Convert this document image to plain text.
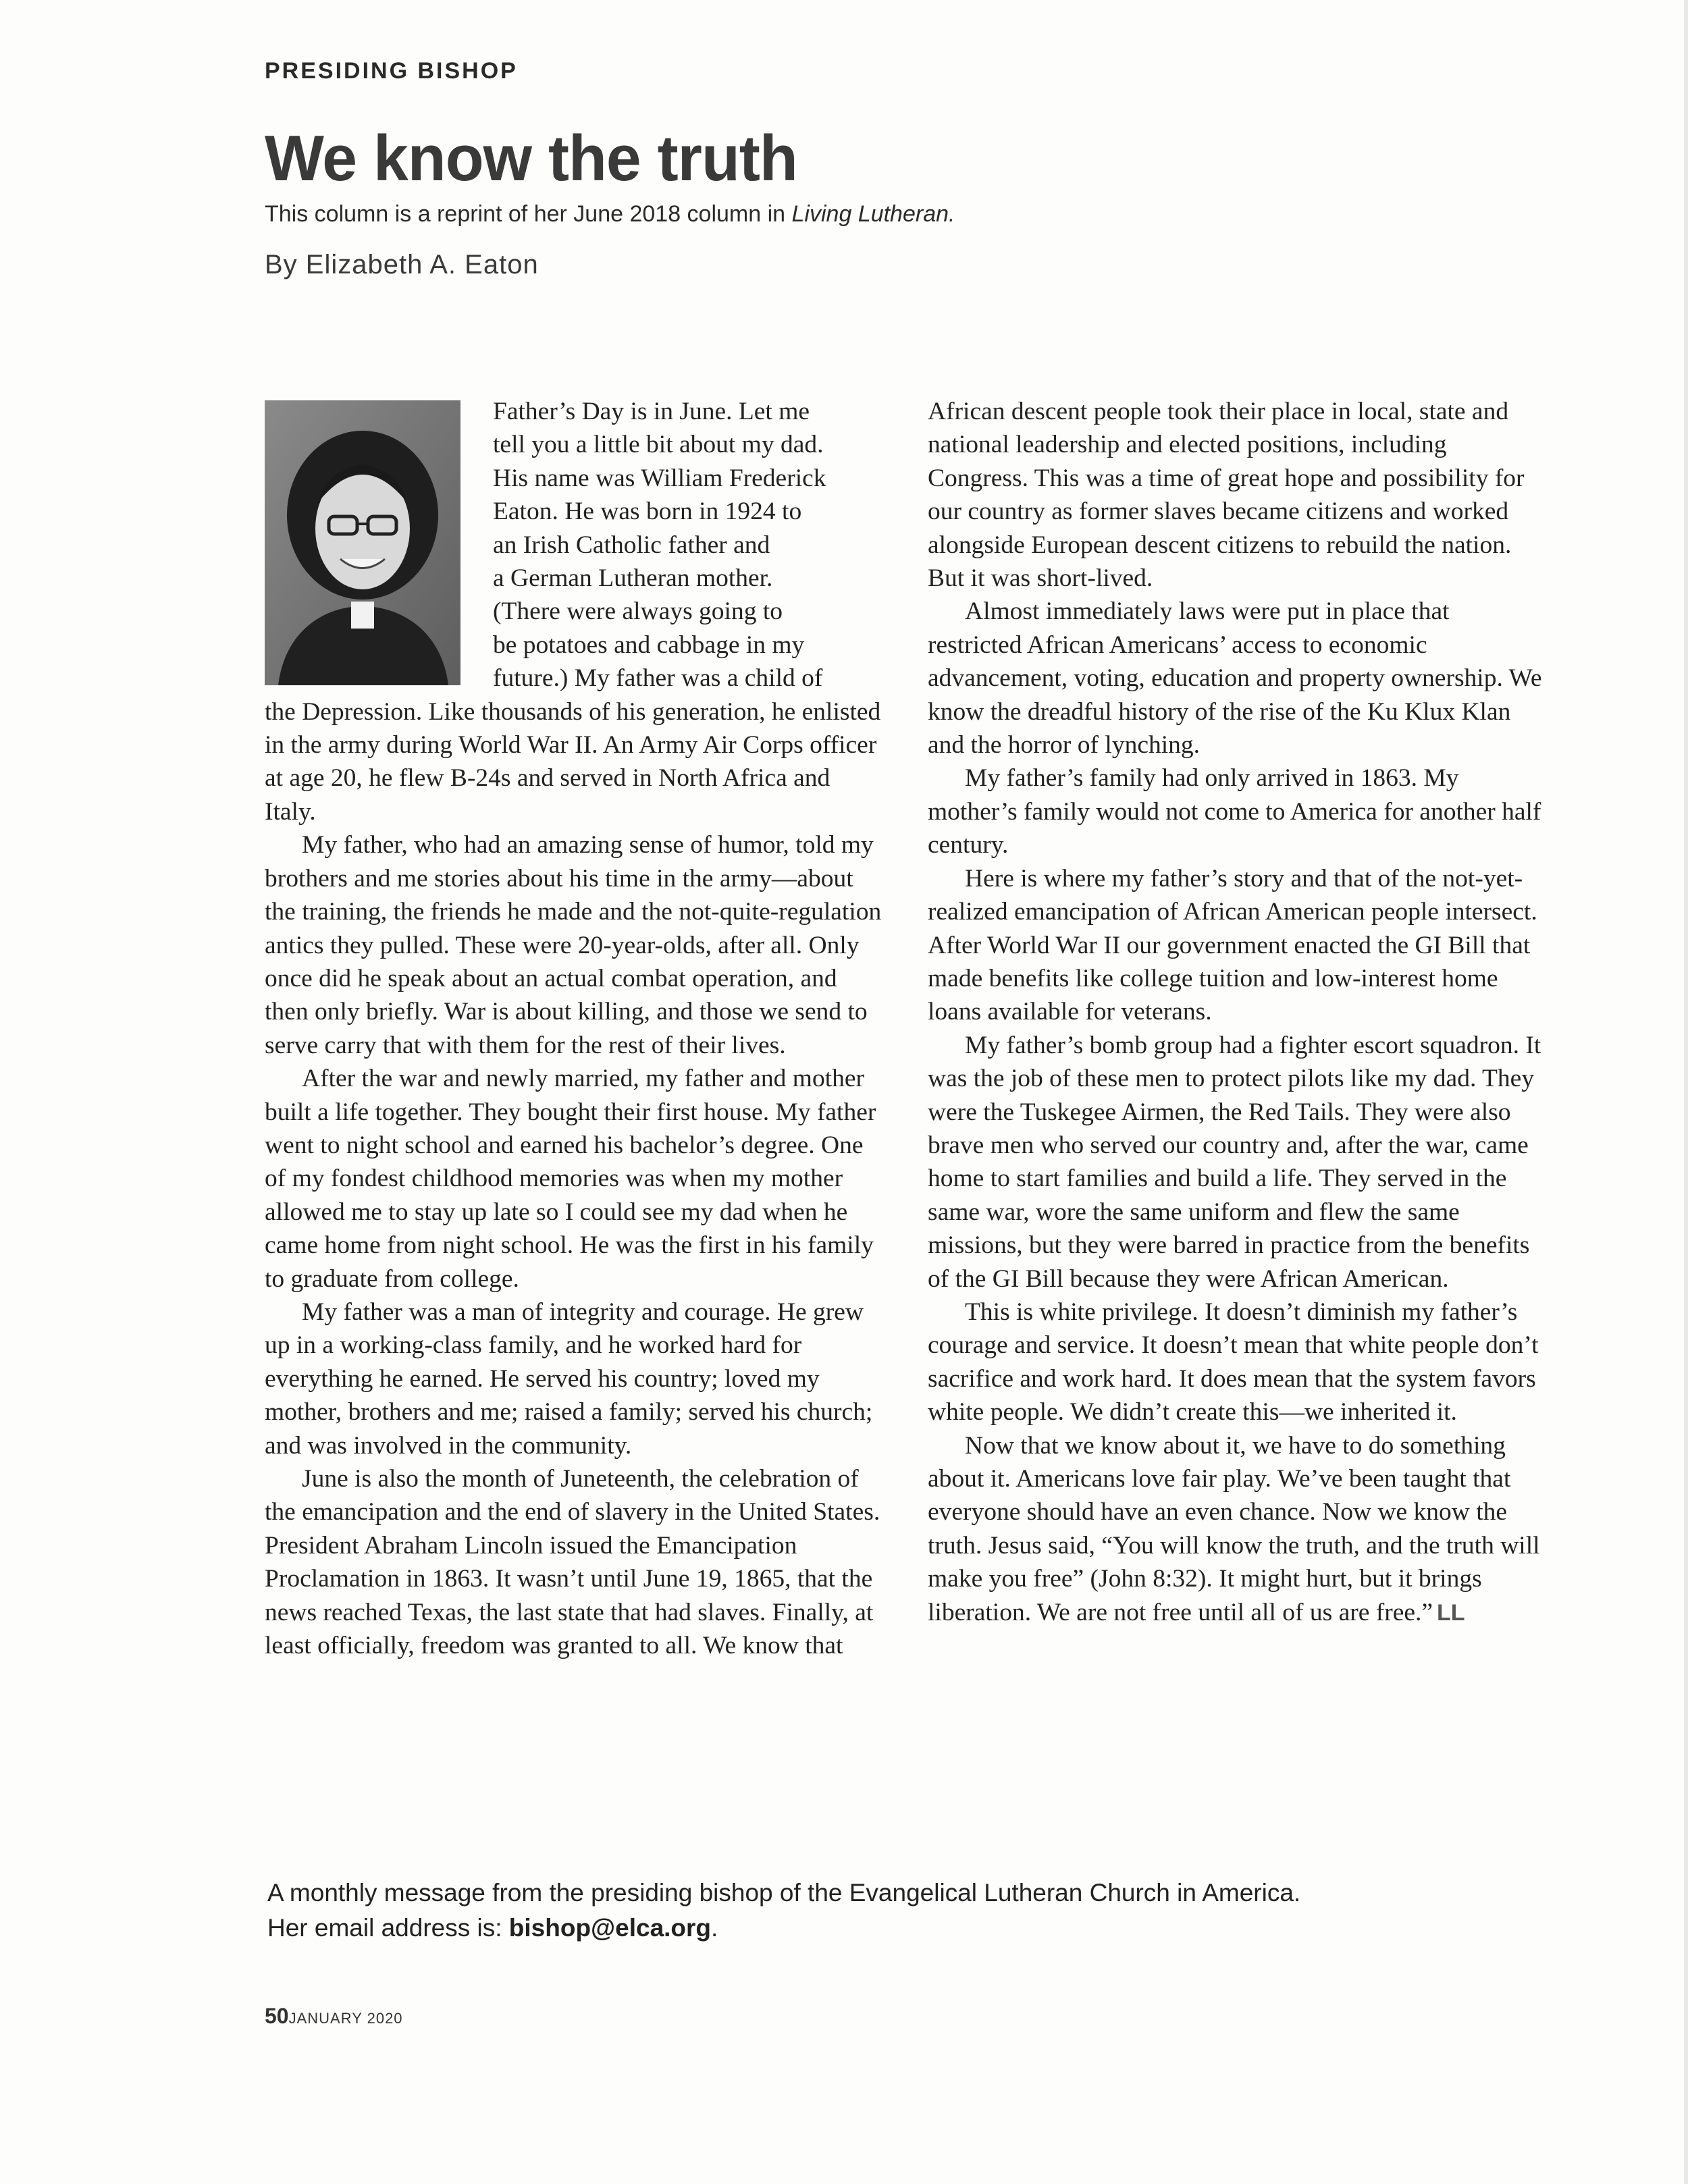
PRESIDING BISHOP
We know the truth
This column is a reprint of her June 2018 column in Living Lutheran.
By Elizabeth A. Eaton

Father’s Day is in June. Let me
tell you a little bit about my dad.
His name was William Frederick
Eaton. He was born in 1924 to
an Irish Catholic father and
a German Lutheran mother.
(There were always going to
be potatoes and cabbage in my
future.) My father was a child of
the Depression. Like thousands of his generation, he enlisted in the army during World War II. An Army Air Corps officer at age 20, he flew B-24s and served in North Africa and Italy.

My father, who had an amazing sense of humor, told my brothers and me stories about his time in the army—about the training, the friends he made and the not-quite-regulation antics they pulled. These were 20-year-olds, after all. Only once did he speak about an actual combat operation, and then only briefly. War is about killing, and those we send to serve carry that with them for the rest of their lives.

After the war and newly married, my father and mother built a life together. They bought their first house. My father went to night school and earned his bachelor’s degree. One of my fondest childhood memories was when my mother allowed me to stay up late so I could see my dad when he came home from night school. He was the first in his family to graduate from college.

My father was a man of integrity and courage. He grew up in a working-class family, and he worked hard for everything he earned. He served his country; loved my mother, brothers and me; raised a family; served his church; and was involved in the community.

June is also the month of Juneteenth, the celebration of the emancipation and the end of slavery in the United States. President Abraham Lincoln issued the Emancipation Proclamation in 1863. It wasn’t until June 19, 1865, that the news reached Texas, the last state that had slaves. Finally, at least officially, freedom was granted to all. We know that

African descent people took their place in local, state and national leadership and elected positions, including Congress. This was a time of great hope and possibility for our country as former slaves became citizens and worked alongside European descent citizens to rebuild the nation. But it was short-lived.

Almost immediately laws were put in place that restricted African Americans’ access to economic advancement, voting, education and property ownership. We know the dreadful history of the rise of the Ku Klux Klan and the horror of lynching.

My father’s family had only arrived in 1863. My mother’s family would not come to America for another half century.

Here is where my father’s story and that of the not-yet-realized emancipation of African American people intersect. After World War II our government enacted the GI Bill that made benefits like college tuition and low-interest home loans available for veterans.

My father’s bomb group had a fighter escort squadron. It was the job of these men to protect pilots like my dad. They were the Tuskegee Airmen, the Red Tails. They were also brave men who served our country and, after the war, came home to start families and build a life. They served in the same war, wore the same uniform and flew the same missions, but they were barred in practice from the benefits of the GI Bill because they were African American.

This is white privilege. It doesn’t diminish my father’s courage and service. It doesn’t mean that white people don’t sacrifice and work hard. It does mean that the system favors white people. We didn’t create this—we inherited it.

Now that we know about it, we have to do something about it. Americans love fair play. We’ve been taught that everyone should have an even chance. Now we know the truth. Jesus said, “You will know the truth, and the truth will make you free” (John 8:32). It might hurt, but it brings liberation. We are not free until all of us are free.” LL

A monthly message from the presiding bishop of the Evangelical Lutheran Church in America.
Her email address is: bishop@elca.org.
50JANUARY 2020
